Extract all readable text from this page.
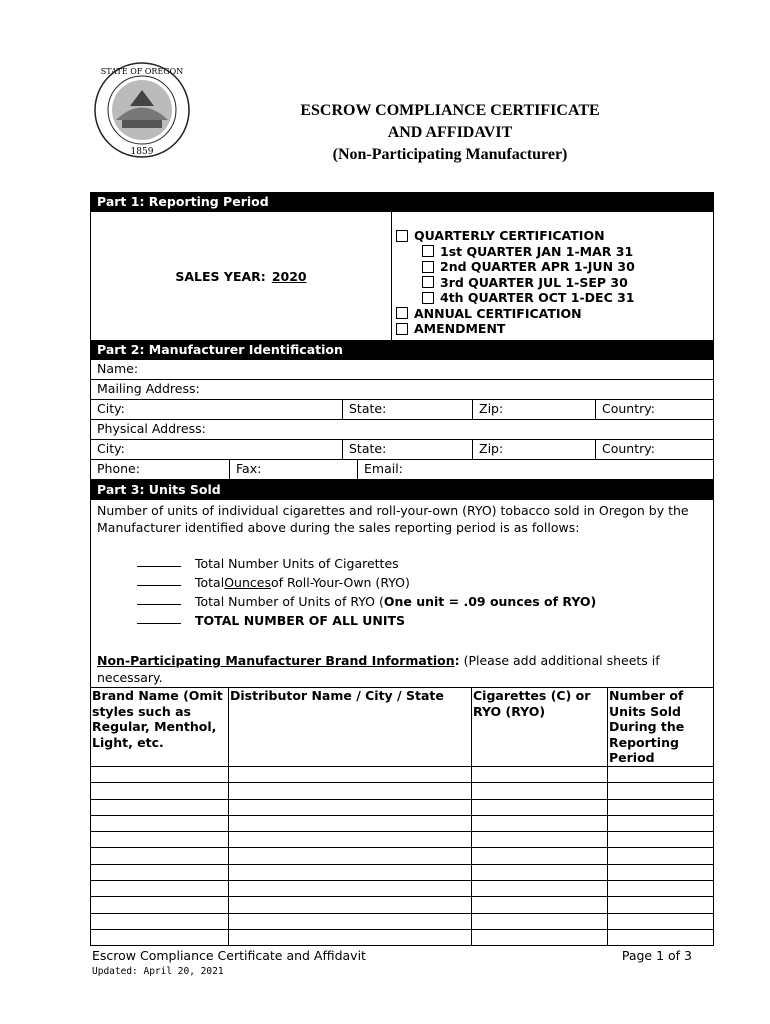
1859
STATE OF OREGON
ESCROW COMPLIANCE CERTIFICATE
AND AFFIDAVIT
(Non-Participating Manufacturer)
Part 1: Reporting Period
SALES YEAR: 2020
QUARTERLY CERTIFICATION
1st QUARTER JAN 1-MAR 31
2nd QUARTER APR 1-JUN 30
3rd QUARTER JUL 1-SEP 30
4th QUARTER OCT 1-DEC 31
ANNUAL CERTIFICATION
AMENDMENT
Part 2: Manufacturer Identification
Name:
Mailing Address:
City:	State:	Zip:	Country:
Physical Address:
City:	State:	Zip:	Country:
Phone:	Fax:	Email:
Part 3: Units Sold
Number of units of individual cigarettes and roll-your-own (RYO) tobacco sold in Oregon by the Manufacturer identified above during the sales reporting period is as follows:
Total Number Units of Cigarettes
Total Ounces of Roll-Your-Own (RYO)
Total Number of Units of RYO ( One unit = .09 ounces of RYO)
TOTAL NUMBER OF ALL UNITS
Non-Participating Manufacturer Brand Information: (Please add additional sheets if necessary.
Brand Name (Omit styles such as Regular, Menthol, Light, etc.	Distributor Name / City / State	Cigarettes (C) or RYO (RYO)	Number of Units Sold During the Reporting Period

Escrow Compliance Certificate and Affidavit	Page 1 of 3
Updated: April 20, 2021
